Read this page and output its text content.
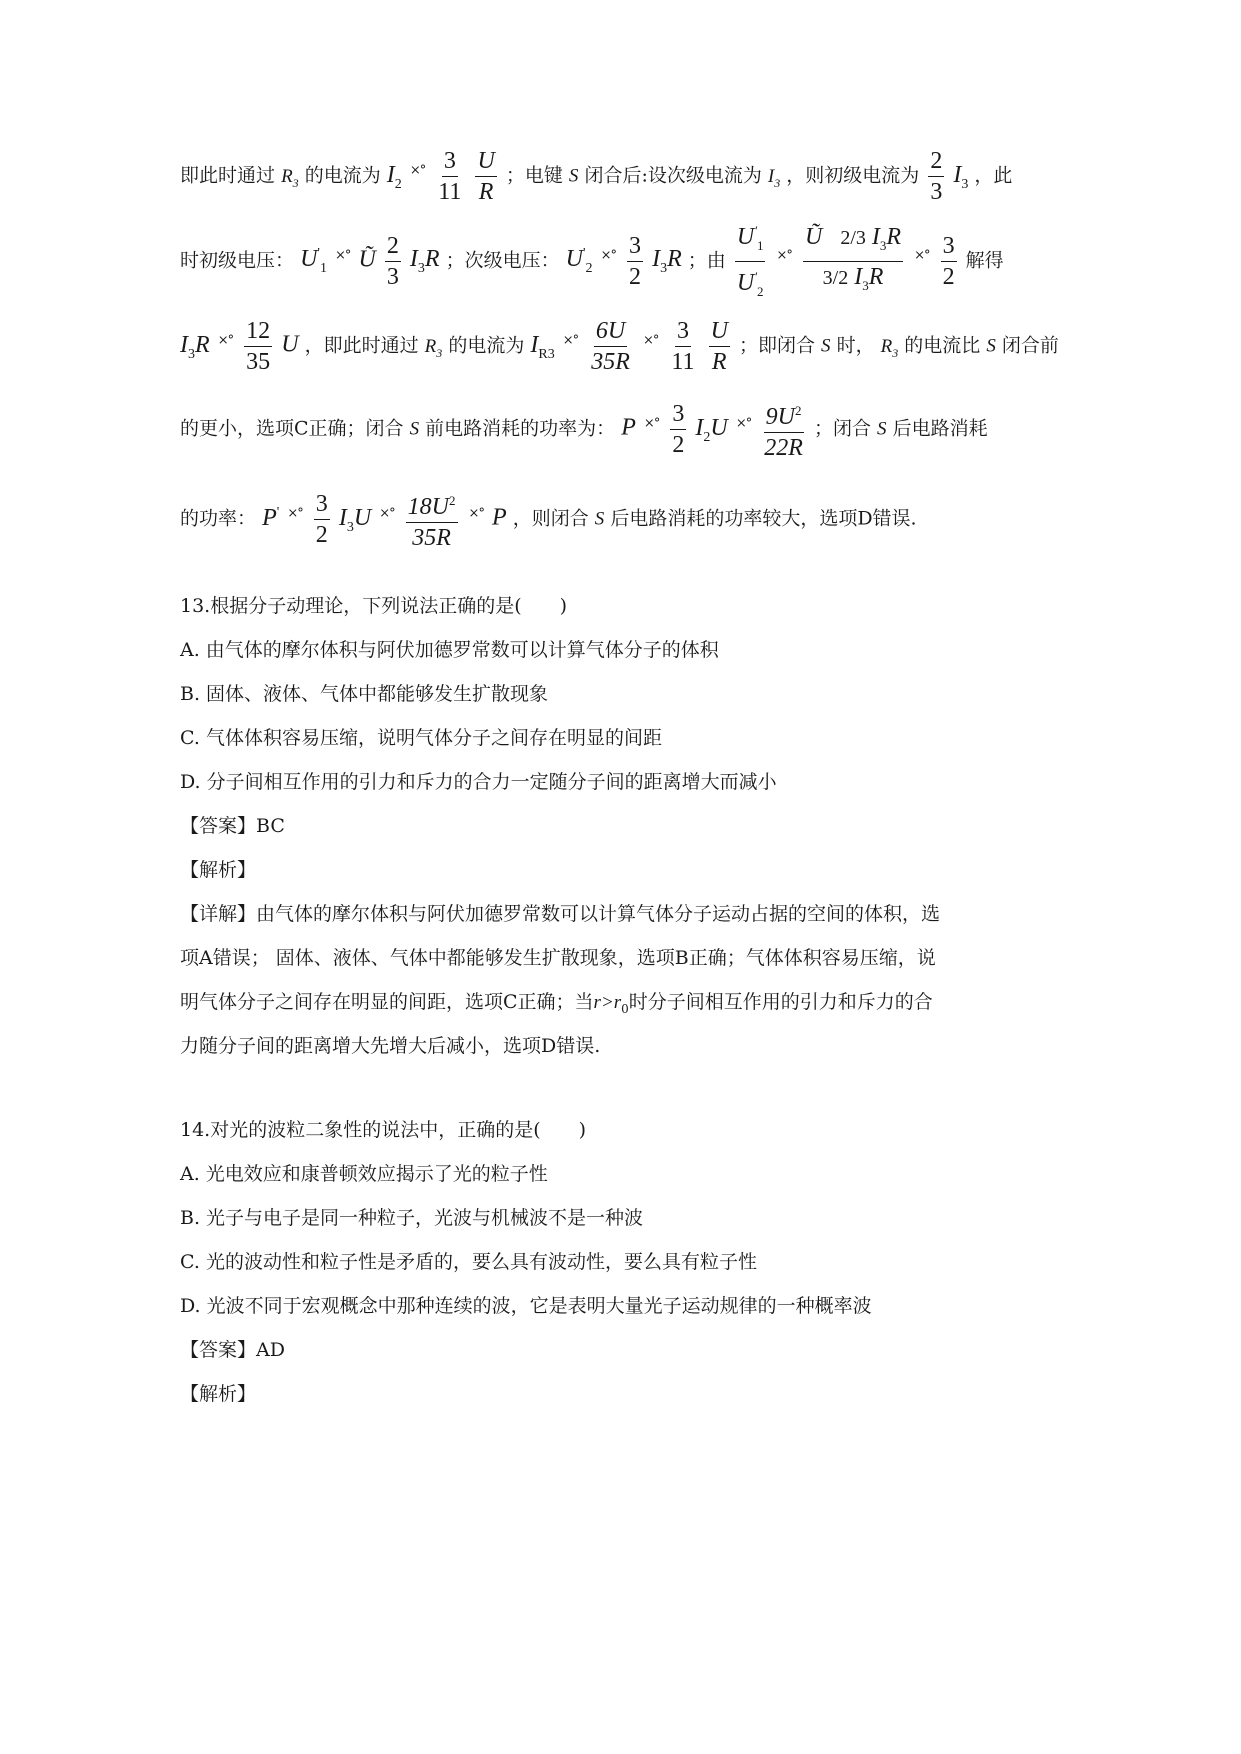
即此时通过 $R_3$ 的电流为 $I_2$ $^{\times^\circ} \frac{3}{11}$
$\frac{U}{R}$ ；电键 S 闭合后:设次级电流为 $I_3$ ，则初级电流为 $\frac{2}{3} I_3$ ，此
时初级电压： $U'_1$ ×° Ũ $\frac{2}{3} I_3R$ ；次级电压： $U'_2$ $^{\times^\circ} \frac{3}{2} I_3R$ ；由 $\frac{U'_1}{U'_2} ^{\times^\circ} \frac{Ũ 2/3 I_3R}{3/2 I_3R} ^{\times^\circ} \frac{3}{2}$ 解得
$I_3R$ $^{\times^\circ} \frac{12}{35}$ U ，即此时通过 $R_3$ 的电流为 $I_{R3}$ $^{\times^\circ} \frac{6U}{35R} ^{\times^\circ} \frac{3}{11}$
$\frac{U}{R}$ ；即闭合 S 时， $R_3$ 的电流比 S 闭合前
的更小，选项C正确；闭合 S 前电路消耗的功率为： P $^{\times^\circ} \frac{3}{2} I_2U$ $^{\times^\circ} \frac{9U^2}{22R}$ ；闭合 S 后电路消耗
的功率： P' $^{\times^\circ} \frac{3}{2} I_3U$ $^{\times^\circ} \frac{18U^2}{35R} ^{\times^\circ}$ P ，则闭合 S 后电路消耗的功率较大，选项D错误.
13.根据分子动理论，下列说法正确的是(　　)
A. 由气体的摩尔体积与阿伏加德罗常数可以计算气体分子的体积
B. 固体、液体、气体中都能够发生扩散现象
C. 气体体积容易压缩，说明气体分子之间存在明显的间距
D. 分子间相互作用的引力和斥力的合力一定随分子间的距离增大而减小
【答案】BC
【解析】
【详解】由气体的摩尔体积与阿伏加德罗常数可以计算气体分子运动占据的空间的体积，选
项A错误； 固体、液体、气体中都能够发生扩散现象，选项B正确；气体体积容易压缩，说
明气体分子之间存在明显的间距，选项C正确；当$r>r_0$时分子间相互作用的引力和斥力的合
力随分子间的距离增大先增大后减小，选项D错误.
14.对光的波粒二象性的说法中，正确的是(　　)
A. 光电效应和康普顿效应揭示了光的粒子性
B. 光子与电子是同一种粒子，光波与机械波不是一种波
C. 光的波动性和粒子性是矛盾的，要么具有波动性，要么具有粒子性
D. 光波不同于宏观概念中那种连续的波，它是表明大量光子运动规律的一种概率波
【答案】AD
【解析】
